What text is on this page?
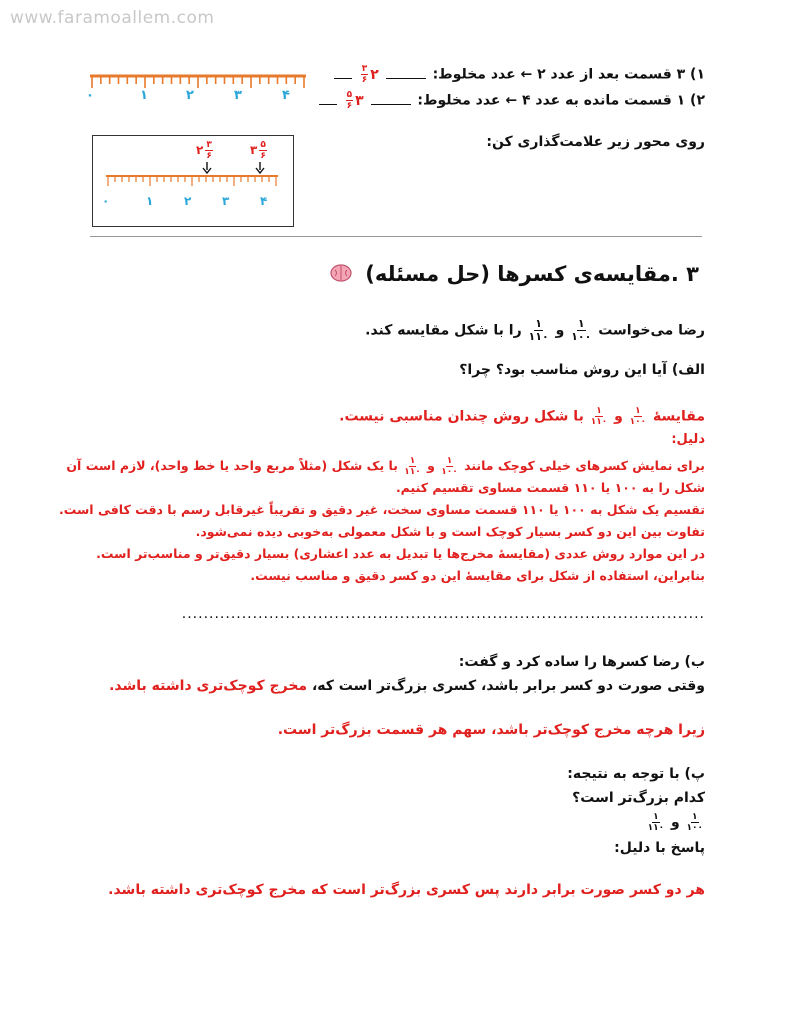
www.faramoallem.com
۰	۱	۲	۳	۴
۱) ۳ قسمت بعد از عدد ۲ ← عدد مخلوط:  ۲
$\frac{۳}{۶}$

۲) ۱ قسمت مانده به عدد ۴ ← عدد مخلوط:  ۳
$\frac{۵}{۶}$

روی محور زیر علامت‌گذاری کن:
۰	۱	۲	۳	۴
۲ $\frac{۳}{۶}$	۳ $\frac{۵}{۶}$
۳ .مقایسه‌ی کسرها (حل مسئله)
رضا می‌خواست
$\frac{۱}{۱۰۰}$
و
$\frac{۱}{۱۱۰}$
را با شکل مقایسه کند.
الف) آیا این روش مناسب بود؟ چرا؟
مقایسهٔ
$\frac{۱}{۱۰۰}$
و
$\frac{۱}{۱۱۰}$
با شکل روش چندان مناسبی نیست.
دلیل:
برای نمایش کسرهای خیلی کوچک مانند
$\frac{۱}{۱۰۰}$
و
$\frac{۱}{۱۱۰}$
با یک شکل (مثلاً مربع واحد یا خط واحد)، لازم است آن
شکل را به ۱۰۰ یا ۱۱۰ قسمت مساوی تقسیم کنیم.
تقسیم یک شکل به ۱۰۰ یا ۱۱۰ قسمت مساوی سخت، غیر دقیق و تقریباً غیرقابل رسم با دقت کافی است.
تفاوت بین این دو کسر بسیار کوچک است و با شکل معمولی به‌خوبی دیده نمی‌شود.
در این موارد روش عددی (مقایسهٔ مخرج‌ها یا تبدیل به عدد اعشاری) بسیار دقیق‌تر و مناسب‌تر است.
بنابراین، استفاده از شکل برای مقایسهٔ این دو کسر دقیق و مناسب نیست.
................................................................................................
ب) رضا کسرها را ساده کرد و گفت:
وقتی صورت دو کسر برابر باشد، کسری بزرگ‌تر است که، مخرج کوچک‌تری داشته باشد.
زیرا هرچه مخرج کوچک‌تر باشد، سهم هر قسمت بزرگ‌تر است.
پ) با توجه به نتیجه:
کدام بزرگ‌تر است؟
$\frac{۱}{۱۰۰}$
و
$\frac{۱}{۱۱۰}$
پاسخ با دلیل:
هر دو کسر صورت برابر دارند پس کسری بزرگ‌تر است که مخرج کوچک‌تری داشته باشد.
